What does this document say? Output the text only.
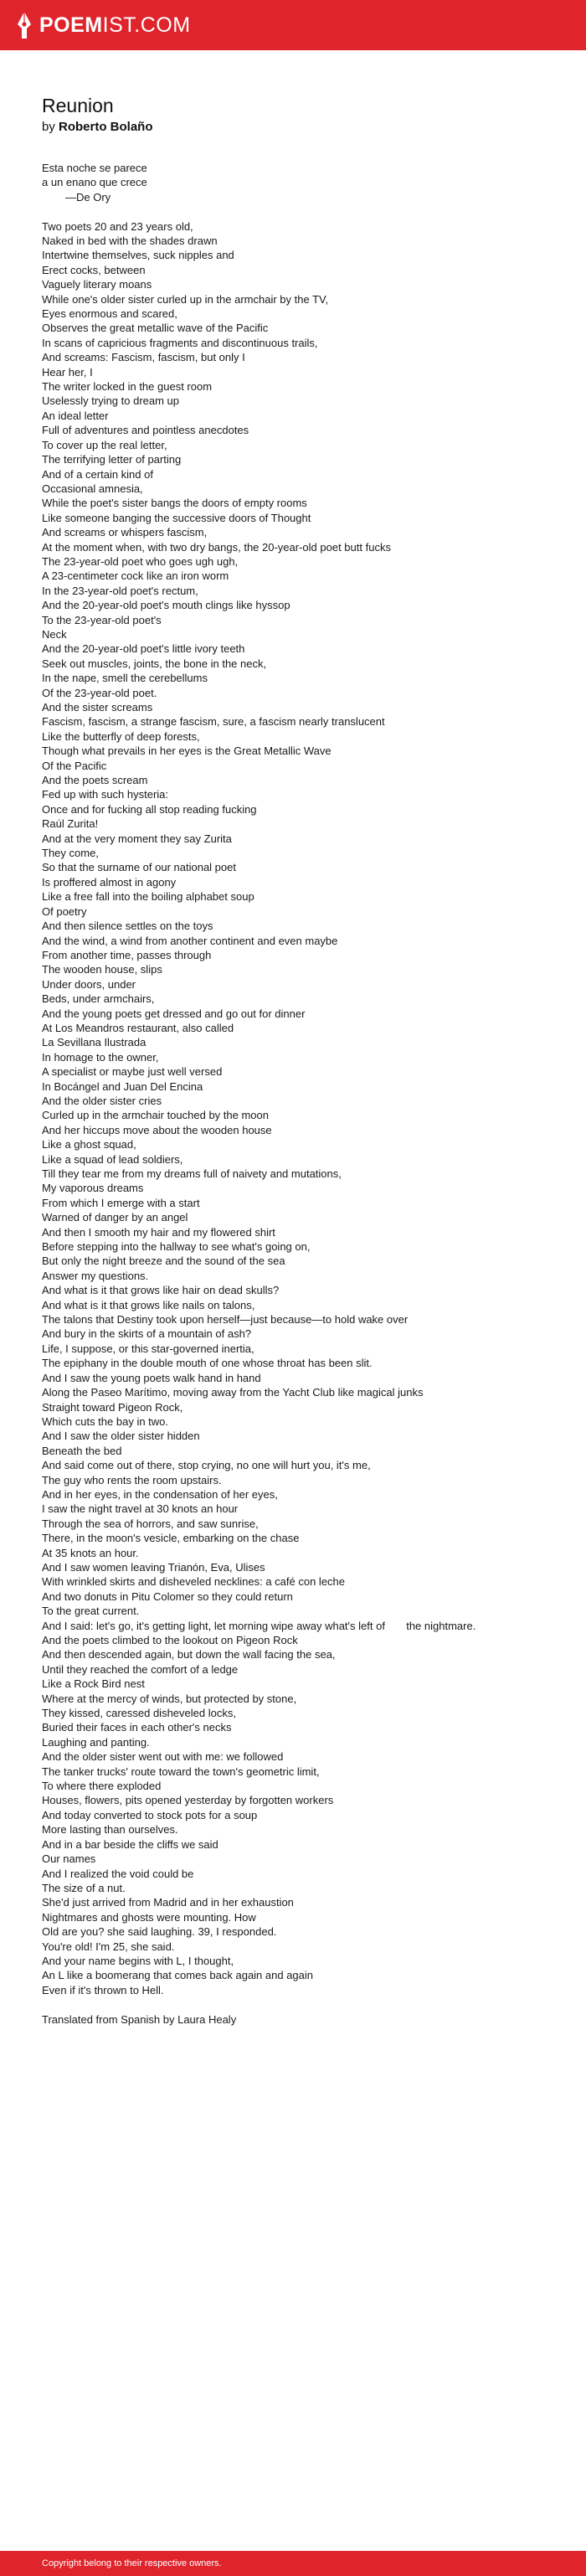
POEM IST.COM
Reunion
by Roberto Bolaño
Esta noche se parece
a un enano que crece
—De Ory
Two poets 20 and 23 years old,
Naked in bed with the shades drawn
Intertwine themselves, suck nipples and
Erect cocks, between
Vaguely literary moans
While one's older sister curled up in the armchair by the TV,
Eyes enormous and scared,
Observes the great metallic wave of the Pacific
In scans of capricious fragments and discontinuous trails,
And screams: Fascism, fascism, but only I
Hear her, I
The writer locked in the guest room
Uselessly trying to dream up
An ideal letter
Full of adventures and pointless anecdotes
To cover up the real letter,
The terrifying letter of parting
And of a certain kind of
Occasional amnesia,
While the poet's sister bangs the doors of empty rooms
Like someone banging the successive doors of Thought
And screams or whispers fascism,
At the moment when, with two dry bangs, the 20-year-old poet butt fucks
The 23-year-old poet who goes ugh ugh,
A 23-centimeter cock like an iron worm
In the 23-year-old poet's rectum,
And the 20-year-old poet's mouth clings like hyssop
To the 23-year-old poet's
Neck
And the 20-year-old poet's little ivory teeth
Seek out muscles, joints, the bone in the neck,
In the nape, smell the cerebellums
Of the 23-year-old poet.
And the sister screams
Fascism, fascism, a strange fascism, sure, a fascism nearly translucent
Like the butterfly of deep forests,
Though what prevails in her eyes is the Great Metallic Wave
Of the Pacific
And the poets scream
Fed up with such hysteria:
Once and for fucking all stop reading fucking
Raúl Zurita!
And at the very moment they say Zurita
They come,
So that the surname of our national poet
Is proffered almost in agony
Like a free fall into the boiling alphabet soup
Of poetry
And then silence settles on the toys
And the wind, a wind from another continent and even maybe
From another time, passes through
The wooden house, slips
Under doors, under
Beds, under armchairs,
And the young poets get dressed and go out for dinner
At Los Meandros restaurant, also called
La Sevillana Ilustrada
In homage to the owner,
A specialist or maybe just well versed
In Bocángel and Juan Del Encina
And the older sister cries
Curled up in the armchair touched by the moon
And her hiccups move about the wooden house
Like a ghost squad,
Like a squad of lead soldiers,
Till they tear me from my dreams full of naivety and mutations,
My vaporous dreams
From which I emerge with a start
Warned of danger by an angel
And then I smooth my hair and my flowered shirt
Before stepping into the hallway to see what's going on,
But only the night breeze and the sound of the sea
Answer my questions.
And what is it that grows like hair on dead skulls?
And what is it that grows like nails on talons,
The talons that Destiny took upon herself—just because—to hold wake over
And bury in the skirts of a mountain of ash?
Life, I suppose, or this star-governed inertia,
The epiphany in the double mouth of one whose throat has been slit.
And I saw the young poets walk hand in hand
Along the Paseo Marítimo, moving away from the Yacht Club like magical junks
Straight toward Pigeon Rock,
Which cuts the bay in two.
And I saw the older sister hidden
Beneath the bed
And said come out of there, stop crying, no one will hurt you, it's me,
The guy who rents the room upstairs.
And in her eyes, in the condensation of her eyes,
I saw the night travel at 30 knots an hour
Through the sea of horrors, and saw sunrise,
There, in the moon's vesicle, embarking on the chase
At 35 knots an hour.
And I saw women leaving Trianón, Eva, Ulises
With wrinkled skirts and disheveled necklines: a café con leche
And two donuts in Pitu Colomer so they could return
To the great current.
And I said: let's go, it's getting light, let morning wipe away what's left of       the nightmare.
And the poets climbed to the lookout on Pigeon Rock
And then descended again, but down the wall facing the sea,
Until they reached the comfort of a ledge
Like a Rock Bird nest
Where at the mercy of winds, but protected by stone,
They kissed, caressed disheveled locks,
Buried their faces in each other's necks
Laughing and panting.
And the older sister went out with me: we followed
The tanker trucks' route toward the town's geometric limit,
To where there exploded
Houses, flowers, pits opened yesterday by forgotten workers
And today converted to stock pots for a soup
More lasting than ourselves.
And in a bar beside the cliffs we said
Our names
And I realized the void could be
The size of a nut.
She'd just arrived from Madrid and in her exhaustion
Nightmares and ghosts were mounting. How
Old are you? she said laughing. 39, I responded.
You're old! I'm 25, she said.
And your name begins with L, I thought,
An L like a boomerang that comes back again and again
Even if it's thrown to Hell.
Translated from Spanish by Laura Healy
Copyright belong to their respective owners.
